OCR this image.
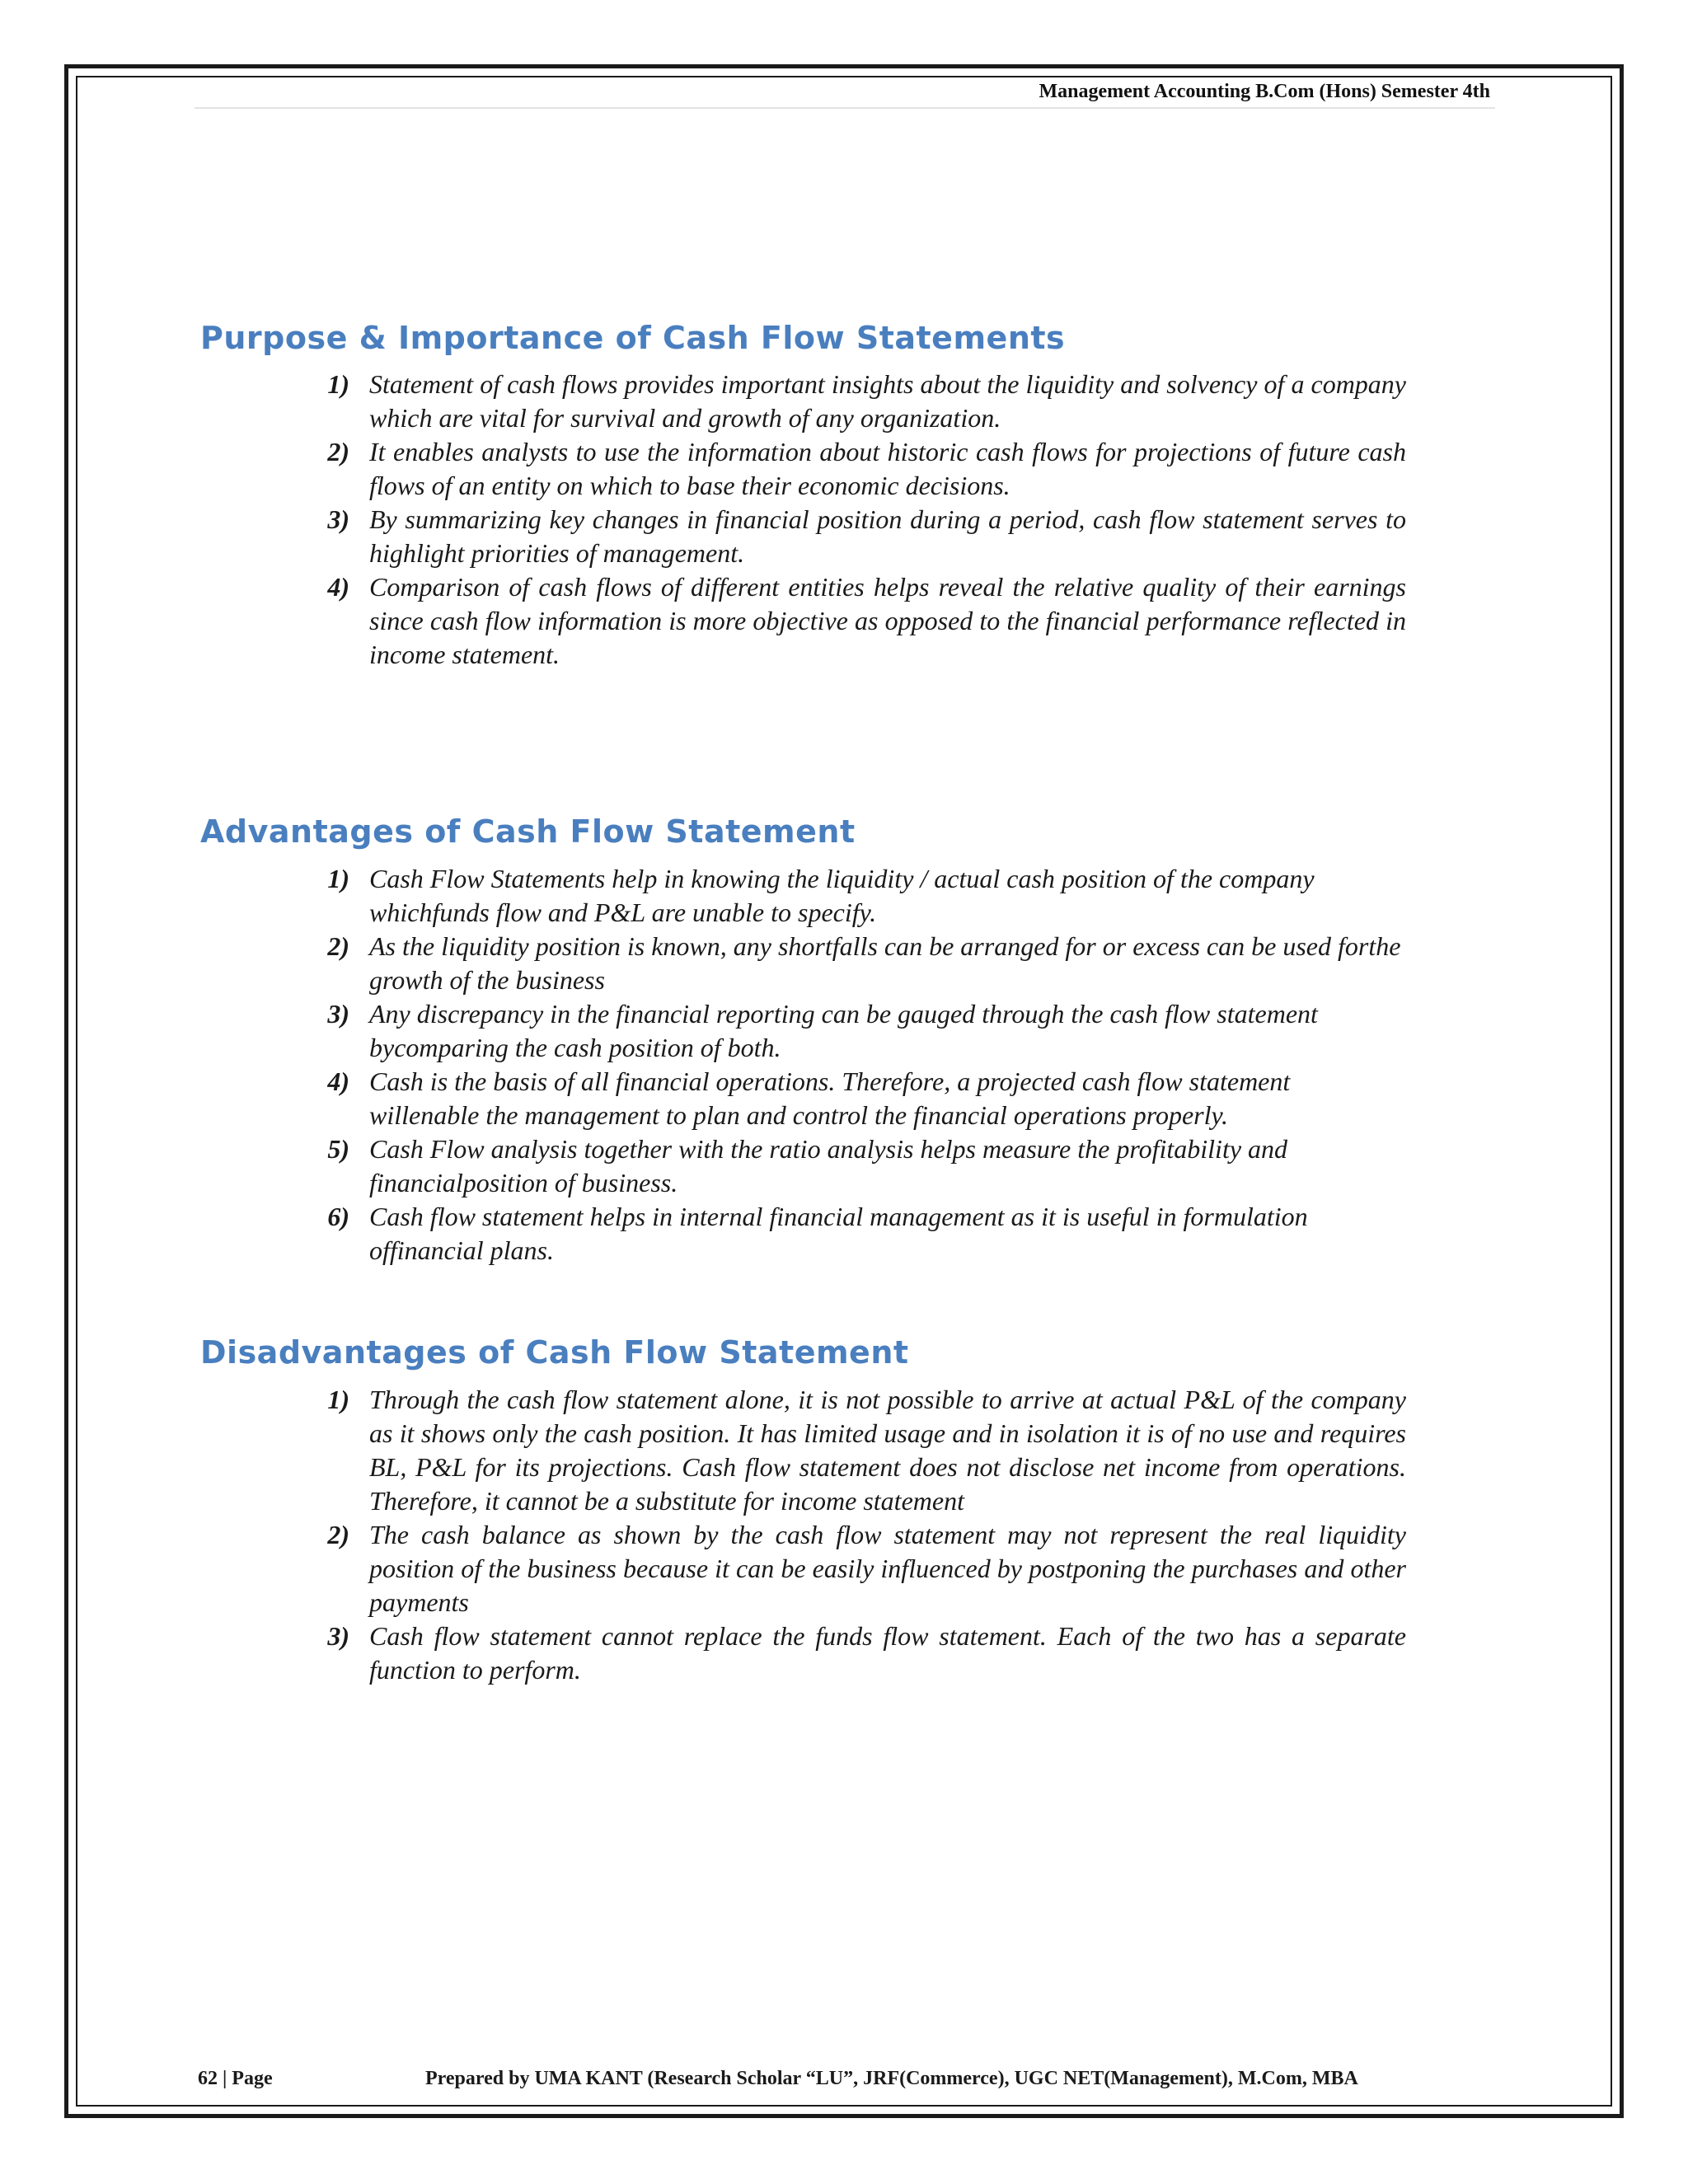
Management Accounting B.Com (Hons) Semester 4th
Purpose & Importance of Cash Flow Statements
1) Statement of cash flows provides important insights about the liquidity and solvency of a company which are vital for survival and growth of any organization.
2) It enables analysts to use the information about historic cash flows for projections of future cash flows of an entity on which to base their economic decisions.
3) By summarizing key changes in financial position during a period, cash flow statement serves to highlight priorities of management.
4) Comparison of cash flows of different entities helps reveal the relative quality of their earnings since cash flow information is more objective as opposed to the financial performance reflected in income statement.
Advantages of Cash Flow Statement
1) Cash Flow Statements help in knowing the liquidity / actual cash position of the company whichfunds flow and P&L are unable to specify.
2) As the liquidity position is known, any shortfalls can be arranged for or excess can be used forthe growth of the business
3) Any discrepancy in the financial reporting can be gauged through the cash flow statement bycomparing the cash position of both.
4) Cash is the basis of all financial operations. Therefore, a projected cash flow statement willenable the management to plan and control the financial operations properly.
5) Cash Flow analysis together with the ratio analysis helps measure the profitability and financialposition of business.
6) Cash flow statement helps in internal financial management as it is useful in formulation offinancial plans.
Disadvantages of Cash Flow Statement
1) Through the cash flow statement alone, it is not possible to arrive at actual P&L of the company as it shows only the cash position. It has limited usage and in isolation it is of no use and requires BL, P&L for its projections. Cash flow statement does not disclose net income from operations. Therefore, it cannot be a substitute for income statement
2) The cash balance as shown by the cash flow statement may not represent the real liquidity position of the business because it can be easily influenced by postponing the purchases and other payments
3) Cash flow statement cannot replace the funds flow statement. Each of the two has a separate function to perform.
62 | Page	Prepared by UMA KANT (Research Scholar “LU”, JRF(Commerce), UGC NET(Management), M.Com, MBA
